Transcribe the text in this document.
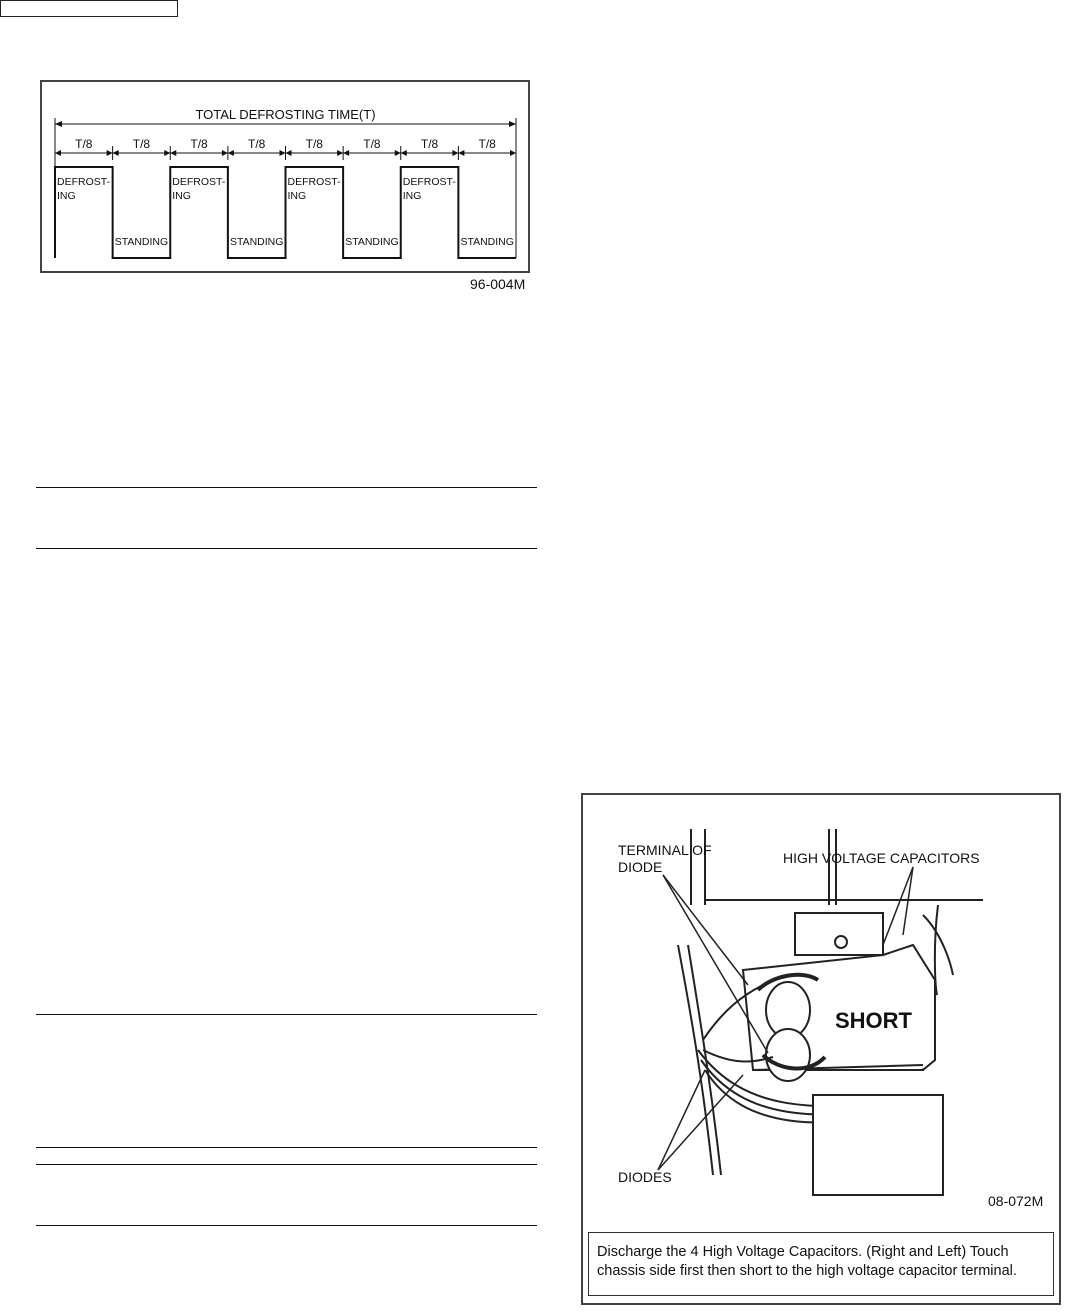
TOTAL DEFROSTING TIME(T)
T/8	T/8	T/8	T/8	T/8	T/8	T/8	T/8
DEFROST-
ING
STANDING
DEFROST-
ING
STANDING
DEFROST-
ING
STANDING
DEFROST-
ING
STANDING
96-004M
TERMINAL OF
DIODE
HIGH VOLTAGE CAPACITORS
SHORT
DIODES
08-072M
Discharge the 4 High Voltage Capacitors. (Right and Left) Touch chassis side first then short to the high voltage capacitor terminal.
